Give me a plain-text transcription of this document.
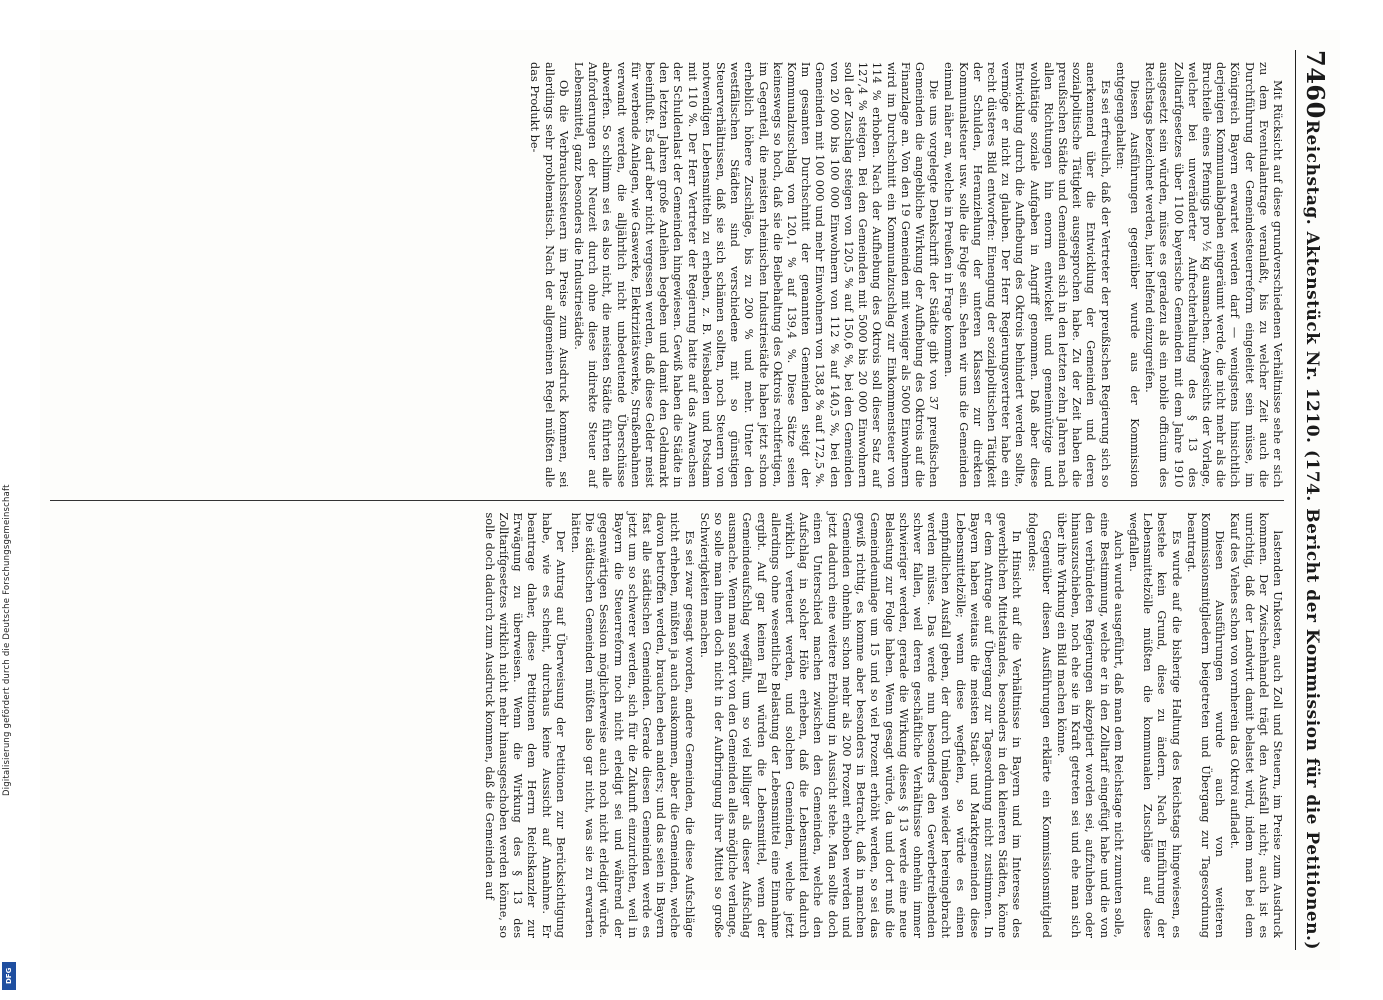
Digitalisierung gefördert durch die Deutsche Forschungsgemeinschaft
DFG
7460
Reichstag. Aktenstück Nr. 1210. (174. Bericht der Kommission für die Petitionen.)

Mit Rücksicht auf diese grundverschiedenen Verhältnisse sehe er sich zu dem Eventualantrage veranlaßt, bis zu welcher Zeit auch die Durchführung der Gemeindesteuerreform eingeleitet sein müsse, im Königreich Bayern erwartet werden darf — wenigstens hinsichtlich derjenigen Kommunalabgaben eingeräumt werde, die nicht mehr als die Bruchteile eines Pfennigs pro ½ kg ausmachen. Angesichts der Vorlage, welcher bei unveränderter Aufrechterhaltung des § 13 des Zolltarifgesetzes über 1100 bayerische Gemeinden mit dem Jahre 1910 ausgesetzt sein würden, müsse es geradezu als ein nobile officium des Reichstags bezeichnet werden, hier helfend einzugreifen.

Diesen Ausführungen gegenüber wurde aus der Kommission entgegengehalten:

Es sei erfreulich, daß der Vertreter der preußischen Regierung sich so anerkennend über die Entwicklung der Gemeinden und deren sozialpolitische Tätigkeit ausgesprochen habe. Zu der Zeit haben die preußischen Städte und Gemeinden sich in den letzten zehn Jahren nach allen Richtungen hin enorm entwickelt und gemeinnützige und wohltätige soziale Aufgaben in Angriff genommen. Daß aber diese Entwicklung durch die Aufhebung des Oktrois behindert werden sollte, vermöge er nicht zu glauben. Der Herr Regierungsvertreter habe ein recht düsteres Bild entworfen: Einengung der sozialpolitischen Tätigkeit der Schulden, Heranziehung der unteren Klassen zur direkten Kommunalsteuer usw. solle die Folge sein. Sehen wir uns die Gemeinden einmal näher an, welche in Preußen in Frage kommen.

Die uns vorgelegte Denkschrift der Städte gibt von 37 preußischen Gemeinden die angebliche Wirkung der Aufhebung des Oktrois auf die Finanzlage an. Von den 19 Gemeinden mit weniger als 5000 Einwohnern wird im Durchschnitt ein Kommunalzuschlag zur Einkommensteuer von 114 % erhoben. Nach der Aufhebung des Oktrois soll dieser Satz auf 127,4 % steigen. Bei den Gemeinden mit 5000 bis 20 000 Einwohnern soll der Zuschlag steigen von 120,5 % auf 150,6 %, bei den Gemeinden von 20 000 bis 100 000 Einwohnern von 112 % auf 140,5 %, bei den Gemeinden mit 100 000 und mehr Einwohnern von 138,8 % auf 172,5 %. Im gesamten Durchschnitt der genannten Gemeinden steigt der Kommunalzuschlag von 120,1 % auf 139,4 %. Diese Sätze seien keineswegs so hoch, daß sie die Beibehaltung des Oktrois rechtfertigen, im Gegenteil, die meisten rheinischen Industriestädte haben jetzt schon erheblich höhere Zuschläge, bis zu 200 % und mehr. Unter den westfälischen Städten sind verschiedene mit so günstigen Steuerverhältnissen, daß sie sich schämen sollten, noch Steuern von notwendigen Lebensmitteln zu erheben, z. B. Wiesbaden und Potsdam mit 110 %. Der Herr Vertreter der Regierung hatte auf das Anwachsen der Schuldenlast der Gemeinden hingewiesen. Gewiß haben die Städte in den letzten Jahren große Anleihen begeben und damit den Geldmarkt beeinflußt. Es darf aber nicht vergessen werden, daß diese Gelder meist für werbende Anlagen, wie Gaswerke, Elektrizitätswerke, Straßenbahnen verwandt werden, die alljährlich nicht unbedeutende Überschüsse abwerfen. So schlimm sei es also nicht, die meisten Städte führten alle Anforderungen der Neuzeit durch ohne diese indirekte Steuer auf Lebensmittel, ganz besonders die Industriestädte.

Ob die Verbrauchssteuern im Preise zum Ausdruck kommen, sei allerdings sehr problematisch. Nach der allgemeinen Regel müßten alle das Produkt be-

lastenden Unkosten, auch Zoll und Steuern, im Preise zum Ausdruck kommen. Der Zwischenhandel trägt den Ausfall nicht; auch ist es unrichtig, daß der Landwirt damit belastet wird, indem man bei dem Kauf des Viehes schon von vornherein das Oktroi aufladet.

Diesen Ausführungen wurde auch von weiteren Kommissionsmitgliedern beigetreten und Übergang zur Tagesordnung beantragt.

Es wurde auf die bisherige Haltung des Reichstags hingewiesen, es bestehe kein Grund, diese zu ändern. Nach Einführung der Lebensmittelzölle müßten die kommunalen Zuschläge auf diese wegfallen.

Auch wurde ausgeführt, daß man dem Reichstage nicht zumuten solle, eine Bestimmung, welche er in den Zolltarif eingefügt habe und die von den verbündeten Regierungen akzeptiert worden sei, aufzuheben oder hinauszuschieben, noch ehe sie in Kraft getreten sei und ehe man sich über ihre Wirkung ein Bild machen könne.

Gegenüber diesen Ausführungen erklärte ein Kommissionsmitglied folgendes:

In Hinsicht auf die Verhältnisse in Bayern und im Interesse des gewerblichen Mittelstandes, besonders in den kleineren Städten, könne er dem Antrage auf Übergang zur Tagesordnung nicht zustimmen. In Bayern haben weitaus die meisten Stadt- und Marktgemeinden diese Lebensmittelzölle; wenn diese wegfielen, so würde es einen empfindlichen Ausfall geben, der durch Umlagen wieder hereingebracht werden müsse. Das werde nun besonders den Gewerbetreibenden schwer fallen, weil deren geschäftliche Verhältnisse ohnehin immer schwieriger werden, gerade die Wirkung dieses § 13 werde eine neue Belastung zur Folge haben. Wenn gesagt würde, da und dort muß die Gemeindeumlage um 15 und so viel Prozent erhöht werden, so sei das gewiß richtig, es komme aber besonders in Betracht, daß in manchen Gemeinden ohnehin schon mehr als 200 Prozent erhoben werden und jetzt dadurch eine weitere Erhöhung in Aussicht stehe. Man sollte doch einen Unterschied machen zwischen den Gemeinden, welche den Aufschlag in solcher Höhe erheben, daß die Lebensmittel dadurch wirklich verteuert werden, und solchen Gemeinden, welche jetzt allerdings ohne wesentliche Belastung der Lebensmittel eine Einnahme ergibt. Auf gar keinen Fall würden die Lebensmittel, wenn der Gemeindeaufschlag wegfällt, um so viel billiger als dieser Aufschlag ausmache. Wenn man sofort von den Gemeinden alles mögliche verlange, so solle man ihnen doch nicht in der Aufbringung ihrer Mittel so große Schwierigkeiten machen.

Es sei zwar gesagt worden, andere Gemeinden, die diese Aufschläge nicht erheben, müßten ja auch auskommen, aber die Gemeinden, welche davon betroffen werden, brauchen eben anders; und das seien in Bayern fast alle städtischen Gemeinden. Gerade diesen Gemeinden werde es jetzt um so schwerer werden, sich für die Zukunft einzurichten, weil in Bayern die Steuerreform noch nicht erledigt sei und während der gegenwärtigen Session möglicherweise auch noch nicht erledigt würde. Die städtischen Gemeinden müßten also gar nicht, was sie zu erwarten hätten.

Der Antrag auf Überweisung der Petitionen zur Berücksichtigung habe, wie es scheint, durchaus keine Aussicht auf Annahme. Er beantrage daher, diese Petitionen dem Herrn Reichskanzler zur Erwägung zu überweisen. Wenn die Wirkung des § 13 des Zolltarifgesetzes wirklich nicht mehr hinausgeschoben werden könne, so solle doch dadurch zum Ausdruck kommen, daß die Gemeinden auf
